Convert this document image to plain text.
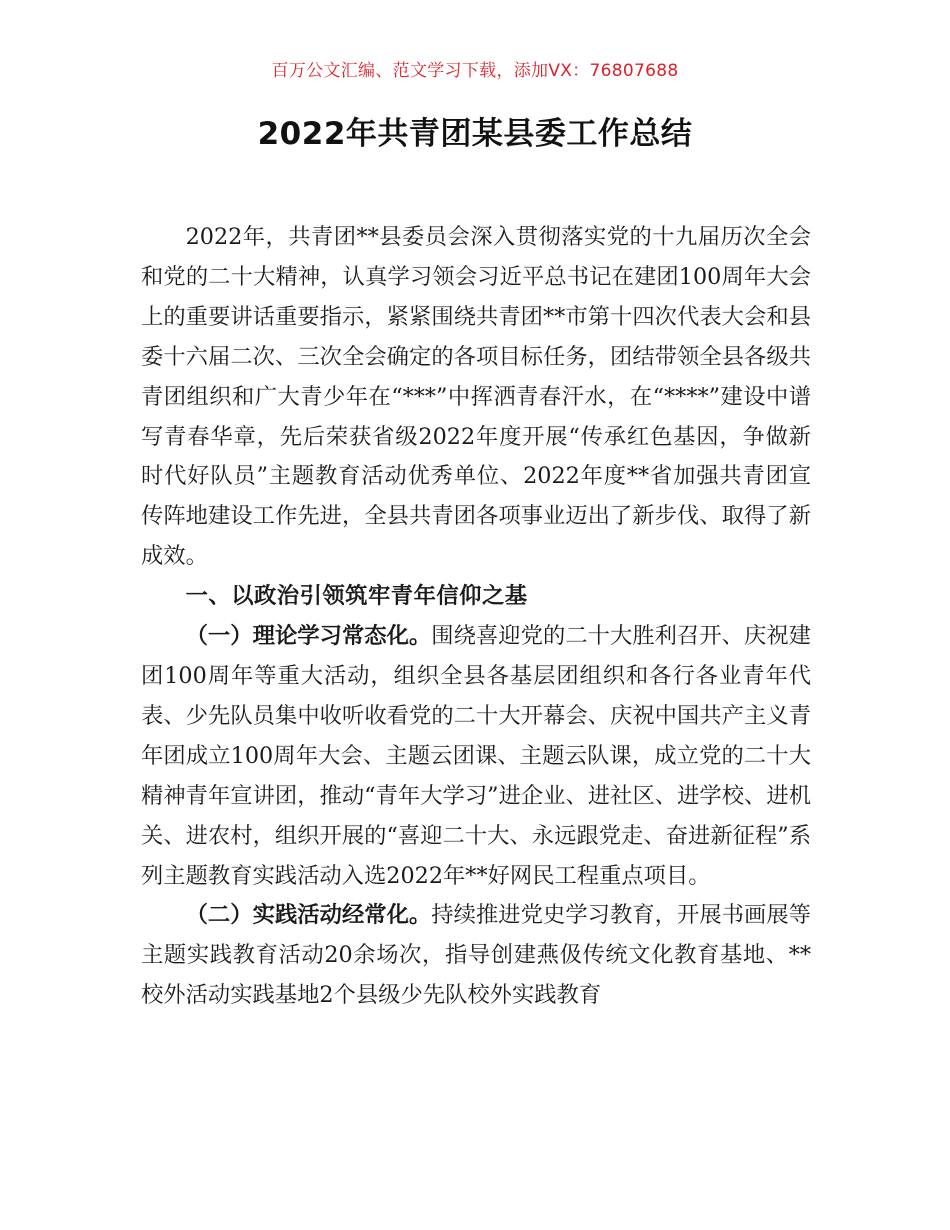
百万公文汇编、范文学习下载，添加VX：76807688
2022年共青团某县委工作总结

2022年，共青团**县委员会深入贯彻落实党的十九届历次全会和党的二十大精神，认真学习领会习近平总书记在建团100周年大会上的重要讲话重要指示，紧紧围绕共青团**市第十四次代表大会和县委十六届二次、三次全会确定的各项目标任务，团结带领全县各级共青团组织和广大青少年在“***”中挥洒青春汗水，在“****”建设中谱写青春华章，先后荣获省级2022年度开展“传承红色基因，争做新时代好队员”主题教育活动优秀单位、2022年度**省加强共青团宣传阵地建设工作先进，全县共青团各项事业迈出了新步伐、取得了新成效。

一、以政治引领筑牢青年信仰之基

（一）理论学习常态化。围绕喜迎党的二十大胜利召开、庆祝建团100周年等重大活动，组织全县各基层团组织和各行各业青年代表、少先队员集中收听收看党的二十大开幕会、庆祝中国共产主义青年团成立100周年大会、主题云团课、主题云队课，成立党的二十大精神青年宣讲团，推动“青年大学习”进企业、进社区、进学校、进机关、进农村，组织开展的“喜迎二十大、永远跟党走、奋进新征程”系列主题教育实践活动入选2022年**好网民工程重点项目。

（二）实践活动经常化。持续推进党史学习教育，开展书画展等主题实践教育活动20余场次，指导创建燕伋传统文化教育基地、**校外活动实践基地2个县级少先队校外实践教育
